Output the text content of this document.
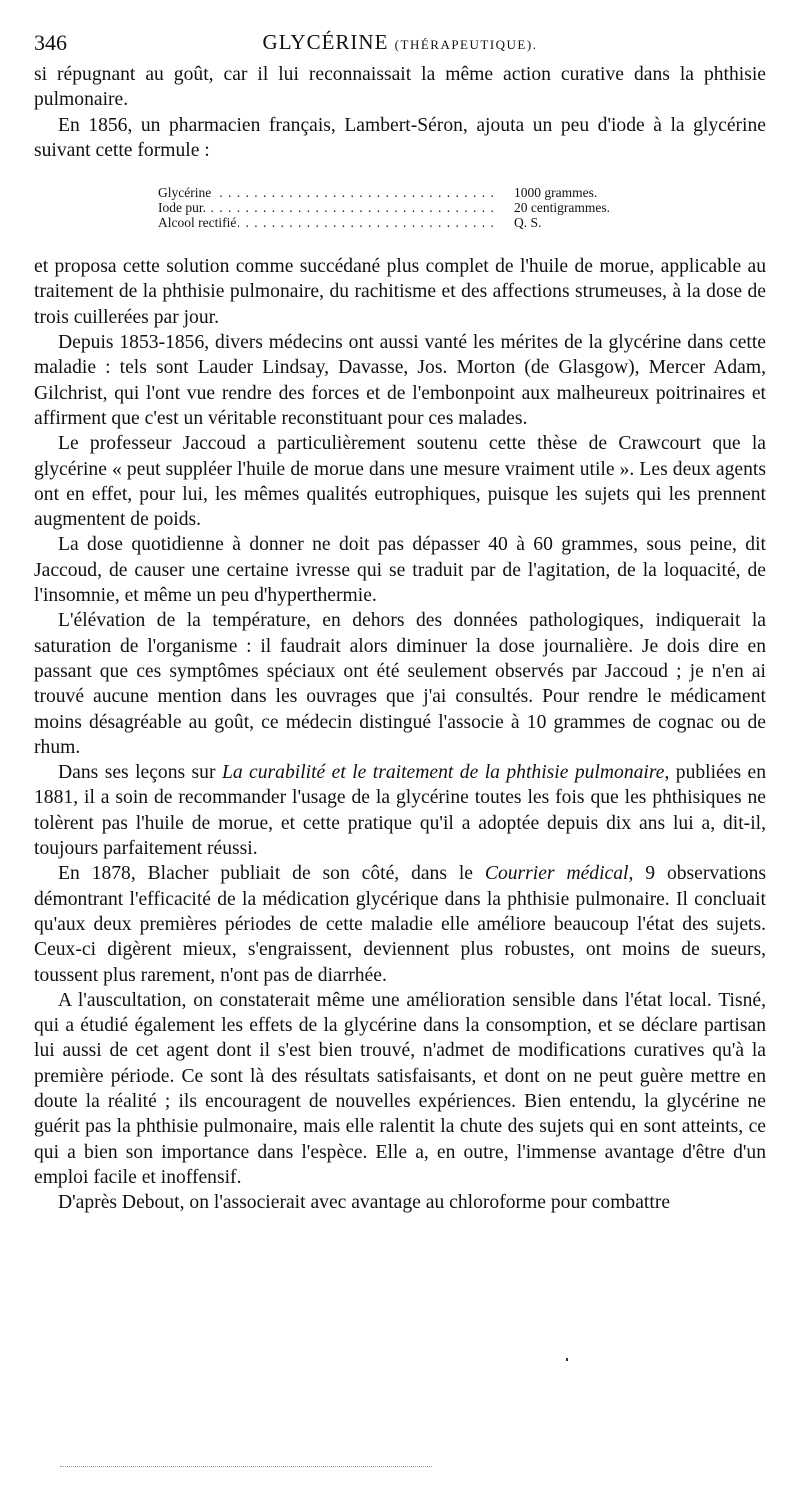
346	GLYCÉRINE (THÉRAPEUTIQUE).

si répugnant au goût, car il lui reconnaissait la même action curative dans la phthisie pulmonaire.

En 1856, un pharmacien français, Lambert-Séron, ajouta un peu d'iode à la glycérine suivant cette formule :

. . .
Glycérine	1000 grammes.
. . .
Iode pur.	20 centigrammes.
. . .
Alcool rectifié	Q. S.

et proposa cette solution comme succédané plus complet de l'huile de morue, applicable au traitement de la phthisie pulmonaire, du rachitisme et des affections strumeuses, à la dose de trois cuillerées par jour.

Depuis 1853-1856, divers médecins ont aussi vanté les mérites de la glycérine dans cette maladie : tels sont Lauder Lindsay, Davasse, Jos. Morton (de Glasgow), Mercer Adam, Gilchrist, qui l'ont vue rendre des forces et de l'embonpoint aux malheureux poitrinaires et affirment que c'est un véritable reconstituant pour ces malades.

Le professeur Jaccoud a particulièrement soutenu cette thèse de Crawcourt que la glycérine « peut suppléer l'huile de morue dans une mesure vraiment utile ». Les deux agents ont en effet, pour lui, les mêmes qualités eutrophiques, puisque les sujets qui les prennent augmentent de poids.

La dose quotidienne à donner ne doit pas dépasser 40 à 60 grammes, sous peine, dit Jaccoud, de causer une certaine ivresse qui se traduit par de l'agitation, de la loquacité, de l'insomnie, et même un peu d'hyperthermie.

L'élévation de la température, en dehors des données pathologiques, indiquerait la saturation de l'organisme : il faudrait alors diminuer la dose journalière. Je dois dire en passant que ces symptômes spéciaux ont été seulement observés par Jaccoud ; je n'en ai trouvé aucune mention dans les ouvrages que j'ai consultés. Pour rendre le médicament moins désagréable au goût, ce médecin distingué l'associe à 10 grammes de cognac ou de rhum.

Dans ses leçons sur La curabilité et le traitement de la phthisie pulmonaire, publiées en 1881, il a soin de recommander l'usage de la glycérine toutes les fois que les phthisiques ne tolèrent pas l'huile de morue, et cette pratique qu'il a adoptée depuis dix ans lui a, dit-il, toujours parfaitement réussi.

En 1878, Blacher publiait de son côté, dans le Courrier médical, 9 observations démontrant l'efficacité de la médication glycérique dans la phthisie pulmonaire. Il concluait qu'aux deux premières périodes de cette maladie elle améliore beaucoup l'état des sujets. Ceux-ci digèrent mieux, s'engraissent, deviennent plus robustes, ont moins de sueurs, toussent plus rarement, n'ont pas de diarrhée.

A l'auscultation, on constaterait même une amélioration sensible dans l'état local. Tisné, qui a étudié également les effets de la glycérine dans la consomption, et se déclare partisan lui aussi de cet agent dont il s'est bien trouvé, n'admet de modifications curatives qu'à la première période. Ce sont là des résultats satisfaisants, et dont on ne peut guère mettre en doute la réalité ; ils encouragent de nouvelles expériences. Bien entendu, la glycérine ne guérit pas la phthisie pulmonaire, mais elle ralentit la chute des sujets qui en sont atteints, ce qui a bien son importance dans l'espèce. Elle a, en outre, l'immense avantage d'être d'un emploi facile et inoffensif.

D'après Debout, on l'associerait avec avantage au chloroforme pour combattre
